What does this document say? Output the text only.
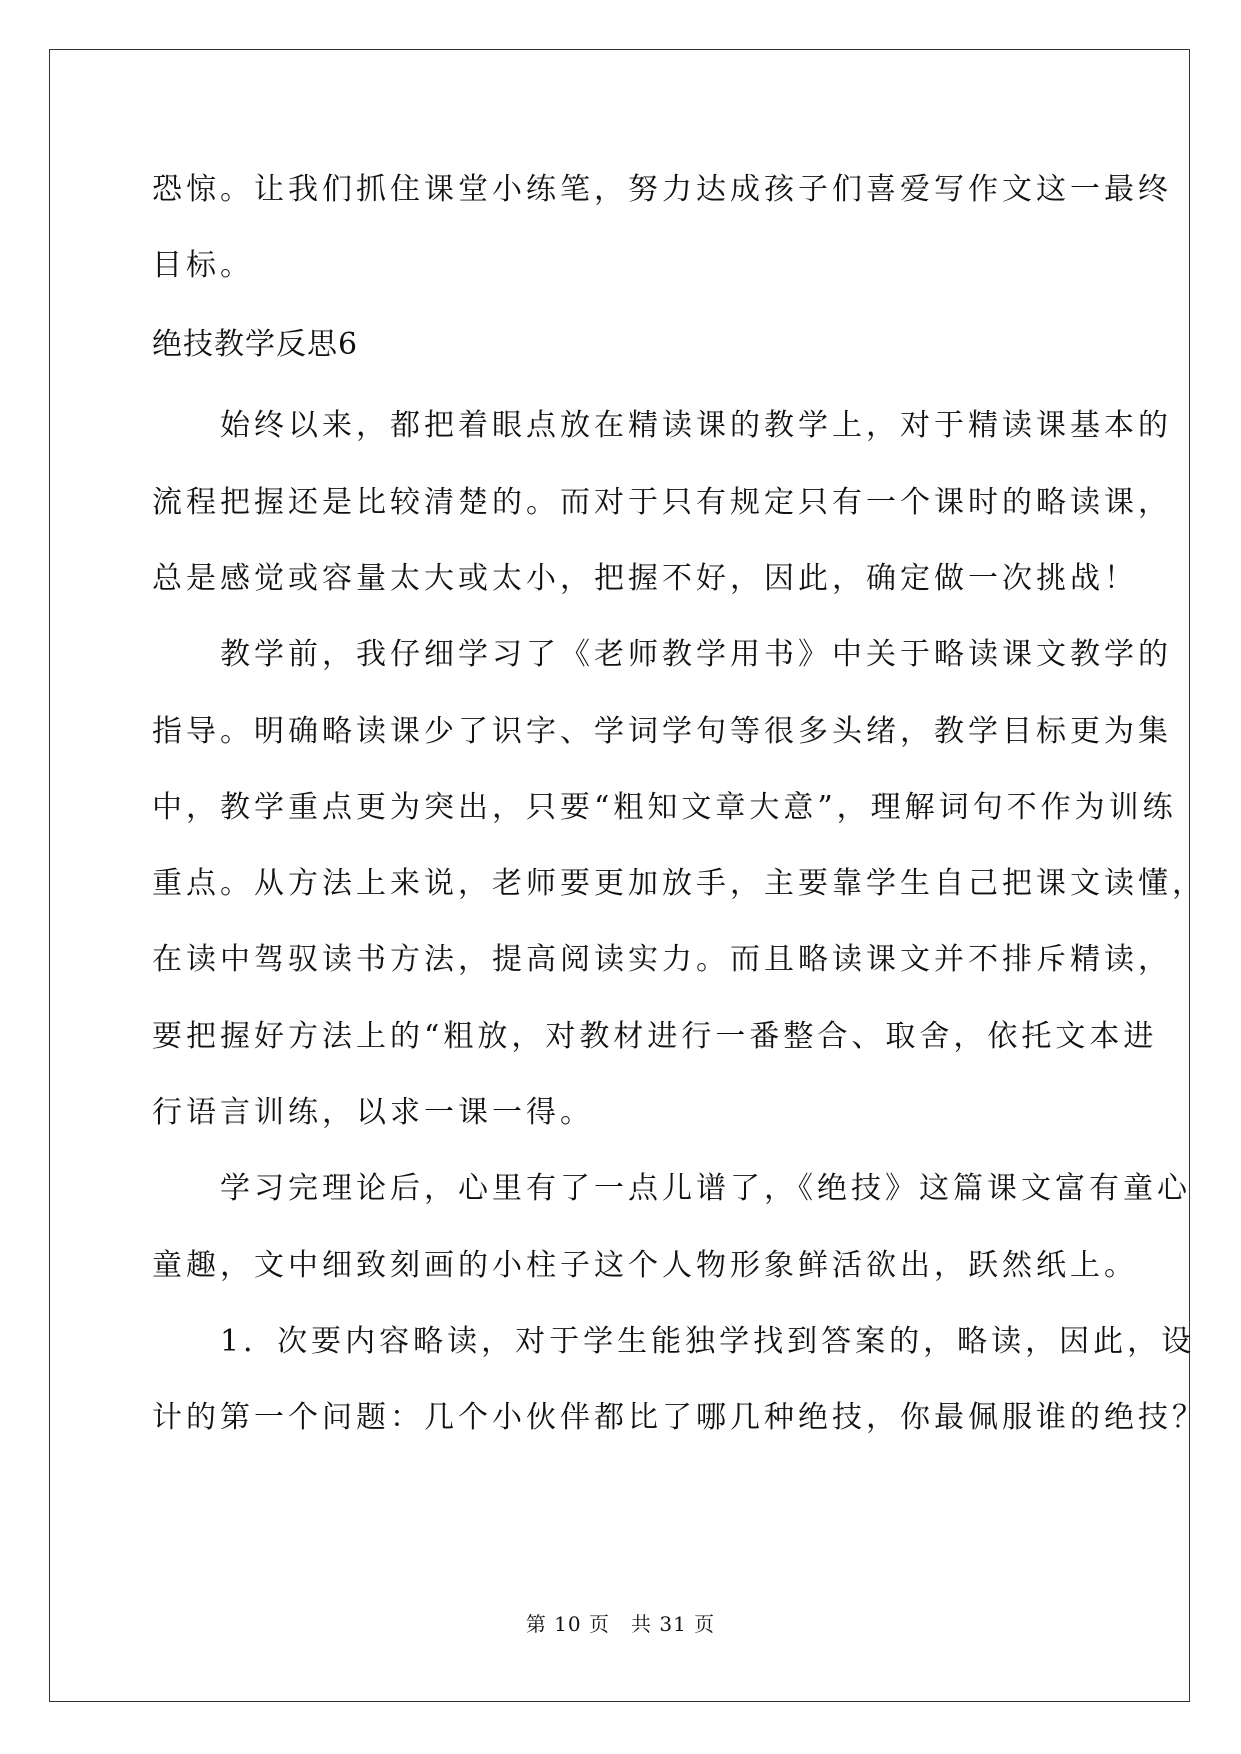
恐惊。让我们抓住课堂小练笔，努力达成孩子们喜爱写作文这一最终
目标。
绝技教学反思6
　　始终以来，都把着眼点放在精读课的教学上，对于精读课基本的
流程把握还是比较清楚的。而对于只有规定只有一个课时的略读课，
总是感觉或容量太大或太小，把握不好，因此，确定做一次挑战！
　　教学前，我仔细学习了《老师教学用书》中关于略读课文教学的
指导。明确略读课少了识字、学词学句等很多头绪，教学目标更为集
中，教学重点更为突出，只要“粗知文章大意”，理解词句不作为训练
重点。从方法上来说，老师要更加放手，主要靠学生自己把课文读懂，
在读中驾驭读书方法，提高阅读实力。而且略读课文并不排斥精读，
要把握好方法上的“粗放，对教材进行一番整合、取舍，依托文本进
行语言训练，以求一课一得。
　　学习完理论后，心里有了一点儿谱了，《绝技》这篇课文富有童心
童趣，文中细致刻画的小柱子这个人物形象鲜活欲出，跃然纸上。
　　1．次要内容略读，对于学生能独学找到答案的，略读，因此，设
计的第一个问题：几个小伙伴都比了哪几种绝技，你最佩服谁的绝技？
第 10 页　共 31 页
